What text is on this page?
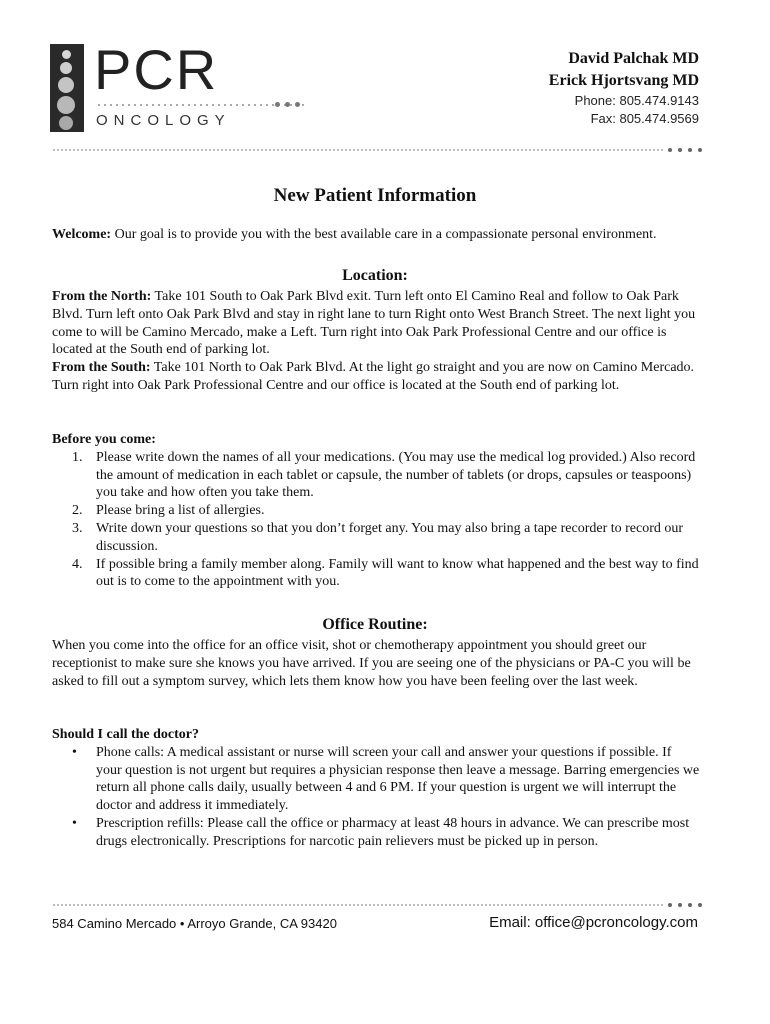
PCR
ONCOLOGY
David Palchak MD
Erick Hjortsvang MD
Phone: 805.474.9143
Fax: 805.474.9569
New Patient Information
Welcome: Our goal is to provide you with the best available care in a compassionate personal environment.
Location:
From the North: Take 101 South to Oak Park Blvd exit. Turn left onto El Camino Real and follow to Oak Park Blvd. Turn left onto Oak Park Blvd and stay in right lane to turn Right onto West Branch Street. The next light you come to will be Camino Mercado, make a Left. Turn right into Oak Park Professional Centre and our office is located at the South end of parking lot.
From the South: Take 101 North to Oak Park Blvd. At the light go straight and you are now on Camino Mercado. Turn right into Oak Park Professional Centre and our office is located at the South end of parking lot.
Before you come:
1. Please write down the names of all your medications. (You may use the medical log provided.) Also record the amount of medication in each tablet or capsule, the number of tablets (or drops, capsules or teaspoons) you take and how often you take them.
2. Please bring a list of allergies.
3. Write down your questions so that you don’t forget any. You may also bring a tape recorder to record our discussion.
4. If possible bring a family member along. Family will want to know what happened and the best way to find out is to come to the appointment with you.
Office Routine:
When you come into the office for an office visit, shot or chemotherapy appointment you should greet our receptionist to make sure she knows you have arrived. If you are seeing one of the physicians or PA-C you will be asked to fill out a symptom survey, which lets them know how you have been feeling over the last week.
Should I call the doctor?
• Phone calls: A medical assistant or nurse will screen your call and answer your questions if possible. If your question is not urgent but requires a physician response then leave a message. Barring emergencies we return all phone calls daily, usually between 4 and 6 PM. If your question is urgent we will interrupt the doctor and address it immediately.
• Prescription refills: Please call the office or pharmacy at least 48 hours in advance. We can prescribe most drugs electronically. Prescriptions for narcotic pain relievers must be picked up in person.
584 Camino Mercado • Arroyo Grande, CA 93420	Email: office@pcroncology.com
